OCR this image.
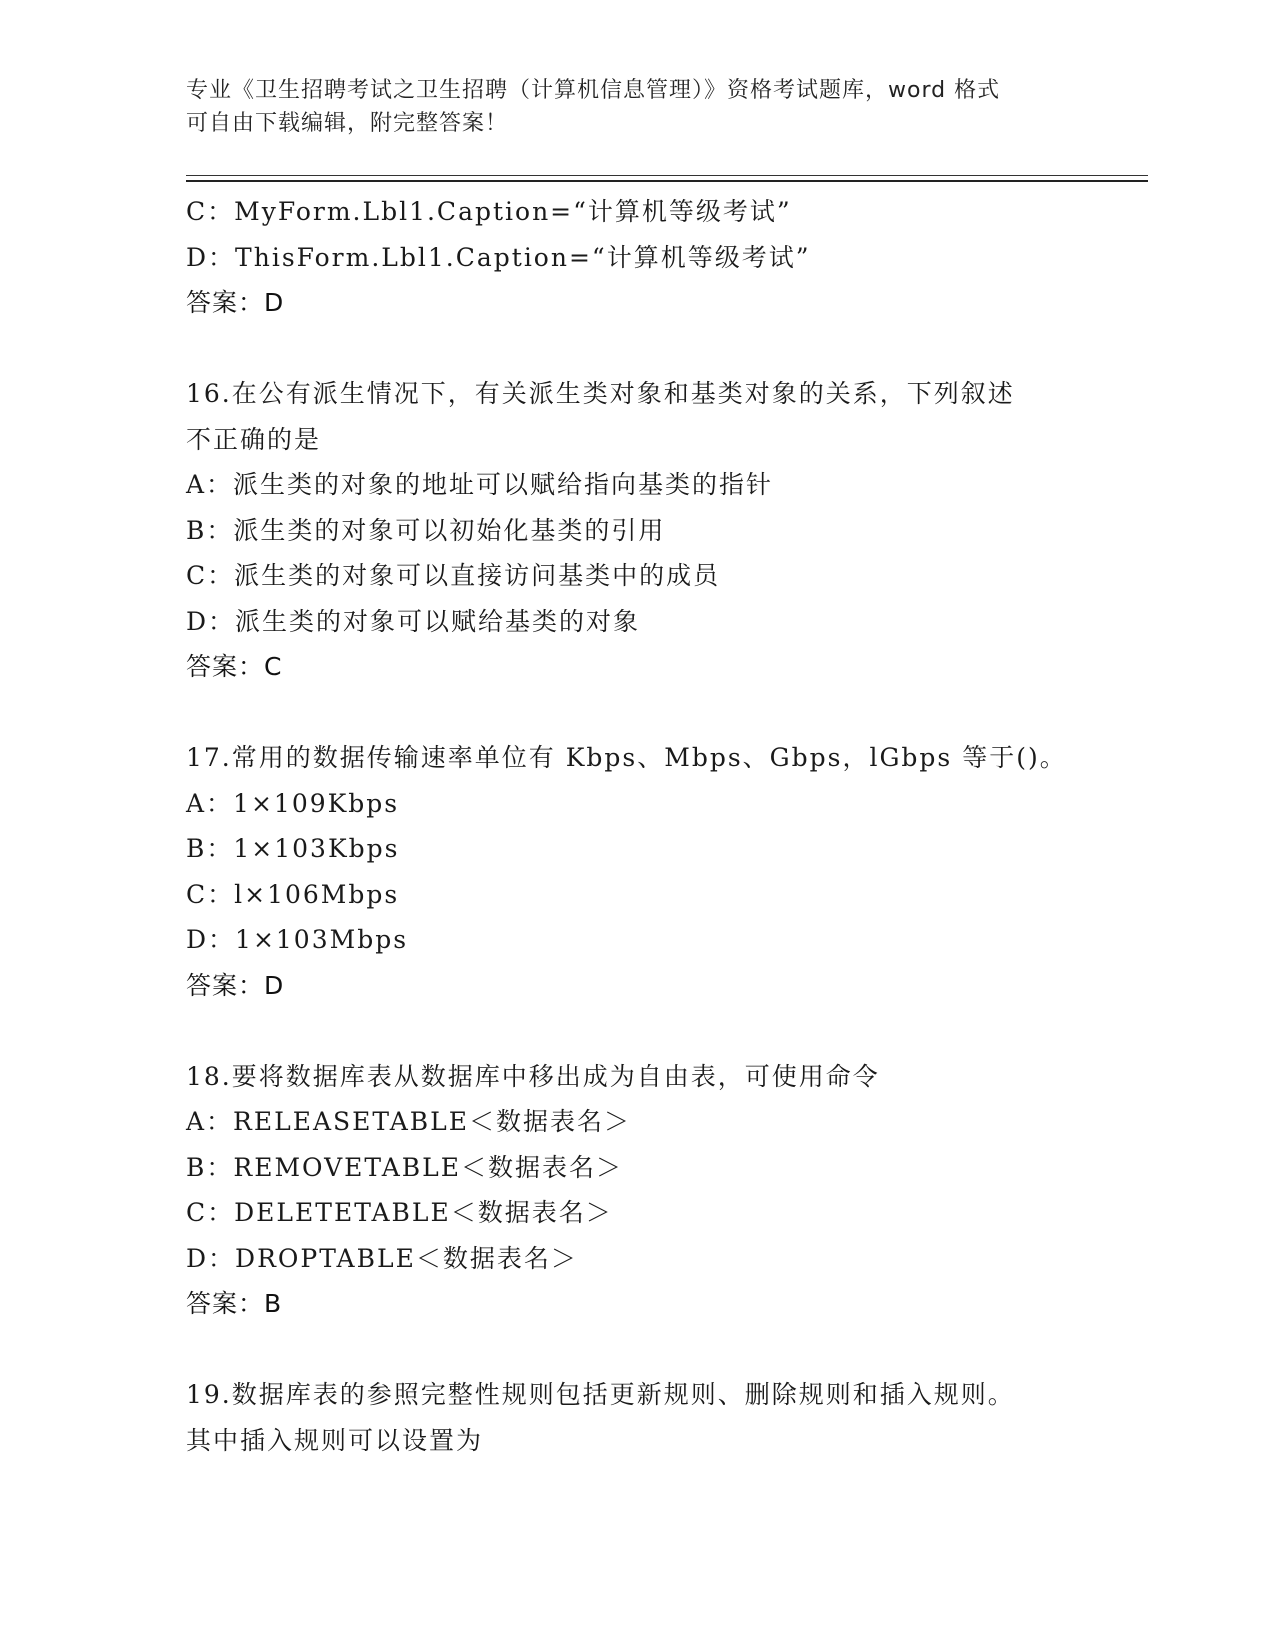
专业《卫生招聘考试之卫生招聘（计算机信息管理）》资格考试题库，word 格式
可自由下载编辑，附完整答案！
C：MyForm.Lbl1.Caption=“计算机等级考试”
D：ThisForm.Lbl1.Caption=“计算机等级考试”
答案：D
16.在公有派生情况下，有关派生类对象和基类对象的关系，下列叙述
不正确的是
A：派生类的对象的地址可以赋给指向基类的指针
B：派生类的对象可以初始化基类的引用
C：派生类的对象可以直接访问基类中的成员
D：派生类的对象可以赋给基类的对象
答案：C
17.常用的数据传输速率单位有 Kbps、Mbps、Gbps，lGbps 等于()。
A：1×109Kbps
B：1×103Kbps
C：l×106Mbps
D：1×103Mbps
答案：D
18.要将数据库表从数据库中移出成为自由表，可使用命令
A：RELEASETABLE＜数据表名＞
B：REMOVETABLE＜数据表名＞
C：DELETETABLE＜数据表名＞
D：DROPTABLE＜数据表名＞
答案：B
19.数据库表的参照完整性规则包括更新规则、删除规则和插入规则。
其中插入规则可以设置为
